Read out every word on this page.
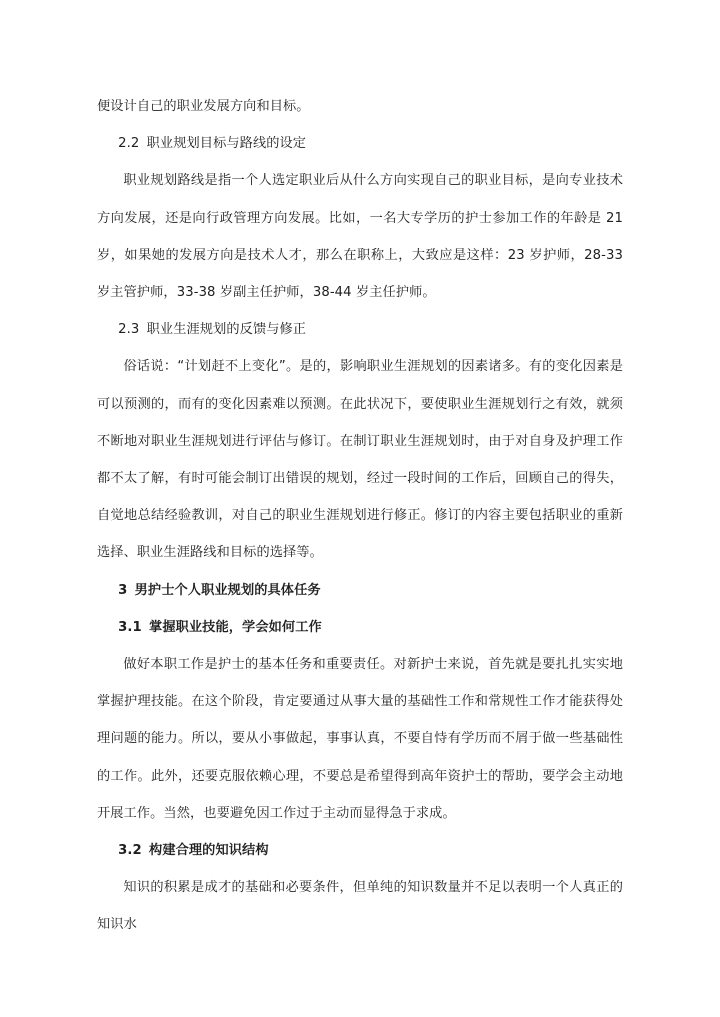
便设计自己的职业发展方向和目标。

2.2 职业规划目标与路线的设定

职业规划路线是指一个人选定职业后从什么方向实现自己的职业目标，是向专业技术方向发展，还是向行政管理方向发展。比如，一名大专学历的护士参加工作的年龄是 21 岁，如果她的发展方向是技术人才，那么在职称上，大致应是这样：23 岁护师，28-33 岁主管护师，33-38 岁副主任护师，38-44 岁主任护师。

2.3 职业生涯规划的反馈与修正

俗话说：“计划赶不上变化”。是的，影响职业生涯规划的因素诸多。有的变化因素是可以预测的，而有的变化因素难以预测。在此状况下，要使职业生涯规划行之有效，就须不断地对职业生涯规划进行评估与修订。在制订职业生涯规划时，由于对自身及护理工作都不太了解，有时可能会制订出错误的规划，经过一段时间的工作后，回顾自己的得失，自觉地总结经验教训，对自己的职业生涯规划进行修正。修订的内容主要包括职业的重新选择、职业生涯路线和目标的选择等。

3 男护士个人职业规划的具体任务

3.1 掌握职业技能，学会如何工作

做好本职工作是护士的基本任务和重要责任。对新护士来说，首先就是要扎扎实实地掌握护理技能。在这个阶段，肯定要通过从事大量的基础性工作和常规性工作才能获得处理问题的能力。所以，要从小事做起，事事认真，不要自恃有学历而不屑于做一些基础性的工作。此外，还要克服依赖心理，不要总是希望得到高年资护士的帮助，要学会主动地开展工作。当然，也要避免因工作过于主动而显得急于求成。

3.2 构建合理的知识结构

知识的积累是成才的基础和必要条件，但单纯的知识数量并不足以表明一个人真正的知识水
